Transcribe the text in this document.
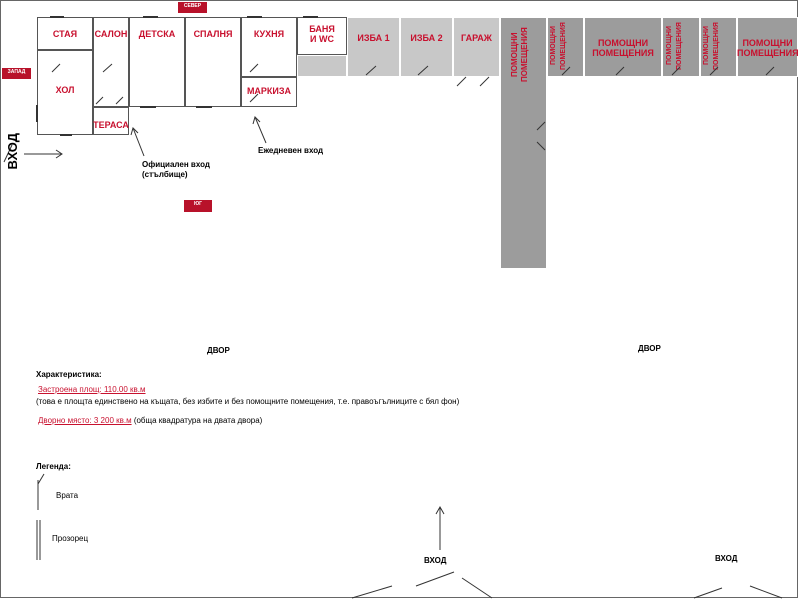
СЕВЕР
ЗАПАД
ЮГ
СТАЯ
ХОЛ
САЛОН
ТЕРАСА
ДЕТСКА	СПАЛНЯ	КУХНЯ
МАРКИЗА
БАНЯ
И WC	ИЗБА 1	ИЗБА 2	ГАРАЖ	ПОМОЩНИ
ПОМЕЩЕНИЯ	ПОМОЩНИ
ПОМЕЩЕНИЯ	ПОМОЩНИ
ПОМЕЩЕНИЯ	ПОМОЩНИ
ПОМЕЩЕНИЯ	ПОМОЩНИ
ПОМЕЩЕНИЯ	ПОМОЩНИ
ПОМЕЩЕНИЯ
ВХОД	Официален вход
(стълбище)
Ежедневен вход
ДВОР	ДВОР
ВХОД	ВХОД
Характеристика:
Застроена площ: 110.00 кв.м
(това е площта единствено на къщата, без избите и без помощните помещения, т.е. правоъгълниците с бял фон)
Дворно място: 3 200 кв.м (обща квадратура на двата двора)
Легенда:
Врата
Прозорец
